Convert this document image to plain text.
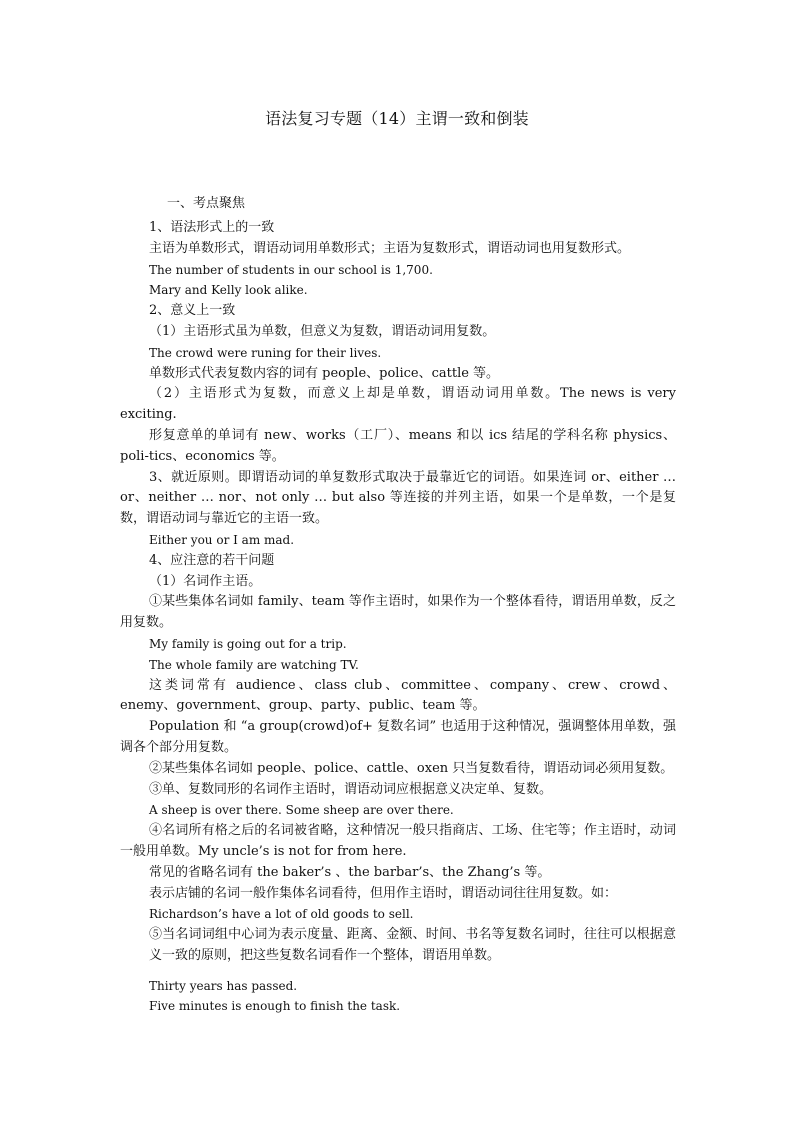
语法复习专题（14）主谓一致和倒装
一、考点聚焦

1、语法形式上的一致

主语为单数形式，谓语动词用单数形式；主语为复数形式，谓语动词也用复数形式。

The number of students in our school is 1,700.

Mary and Kelly look alike.

2、意义上一致

（1）主语形式虽为单数，但意义为复数，谓语动词用复数。

The crowd were runing for their lives.

单数形式代表复数内容的词有 people、police、cattle 等。

（2）主语形式为复数，而意义上却是单数，谓语动词用单数。The news is very exciting.

形复意单的单词有 new、works（工厂）、means 和以 ics 结尾的学科名称 physics、poli-tics、economics 等。

3、就近原则。即谓语动词的单复数形式取决于最靠近它的词语。如果连词 or、either … or、neither … nor、not only … but also 等连接的并列主语，如果一个是单数，一个是复数，谓语动词与靠近它的主语一致。

Either you or I am mad.

4、应注意的若干问题

（1）名词作主语。

①某些集体名词如 family、team 等作主语时，如果作为一个整体看待，谓语用单数，反之用复数。

My family is going out for a trip.

The whole family are watching TV.

这类词常有 audience、class club、committee、company、crew、crowd、enemy、government、group、party、public、team 等。

Population 和 “a group(crowd)of+ 复数名词” 也适用于这种情况，强调整体用单数，强调各个部分用复数。

②某些集体名词如 people、police、cattle、oxen 只当复数看待，谓语动词必须用复数。

③单、复数同形的名词作主语时，谓语动词应根据意义决定单、复数。

A sheep is over there. Some sheep are over there.

④名词所有格之后的名词被省略，这种情况一般只指商店、工场、住宅等；作主语时，动词一般用单数。My uncle’s is not for from here.

常见的省略名词有 the baker’s 、the barbar’s、the Zhang’s 等。

表示店铺的名词一般作集体名词看待，但用作主语时，谓语动词往往用复数。如：

Richardson’s have a lot of old goods to sell.

⑤当名词词组中心词为表示度量、距离、金额、时间、书名等复数名词时，往往可以根据意义一致的原则，把这些复数名词看作一个整体，谓语用单数。

Thirty years has passed.

Five minutes is enough to finish the task.
